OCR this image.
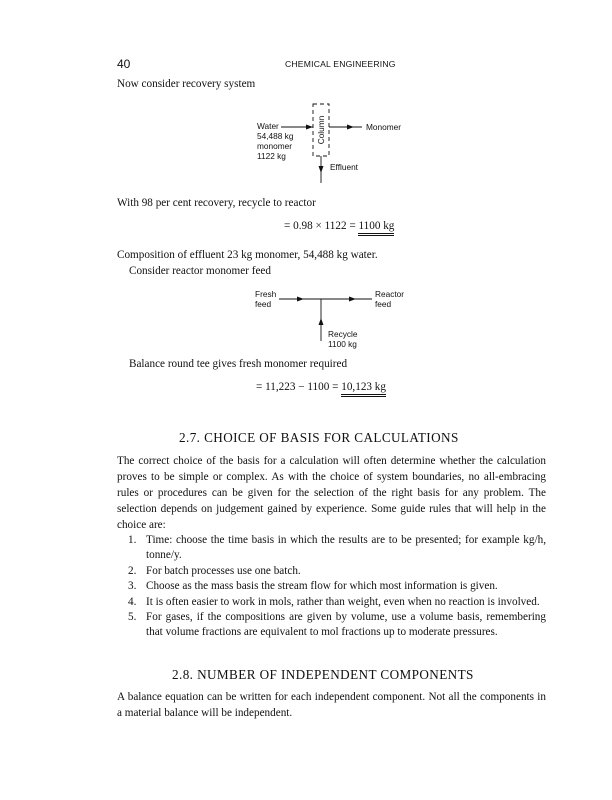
40	CHEMICAL ENGINEERING
Now consider recovery system
Water
54,488 kg
monomer
1122 kg
Column	Monomer
Effluent
With 98 per cent recovery, recycle to reactor
= 0.98 × 1122 = 1100 kg
Composition of effluent 23 kg monomer, 54,488 kg water.
Consider reactor monomer feed
Fresh
feed
Reactor
feed
Recycle
1100 kg
Balance round tee gives fresh monomer required
= 11,223 − 1100 = 10,123 kg
2.7. CHOICE OF BASIS FOR CALCULATIONS
The correct choice of the basis for a calculation will often determine whether the calculation proves to be simple or complex. As with the choice of system boundaries, no all-embracing rules or procedures can be given for the selection of the right basis for any problem. The selection depends on judgement gained by experience. Some guide rules that will help in the choice are:
1. Time: choose the time basis in which the results are to be presented; for example kg/h, tonne/y.
2. For batch processes use one batch.
3. Choose as the mass basis the stream flow for which most information is given.
4. It is often easier to work in mols, rather than weight, even when no reaction is involved.
5. For gases, if the compositions are given by volume, use a volume basis, remembering that volume fractions are equivalent to mol fractions up to moderate pressures.
2.8. NUMBER OF INDEPENDENT COMPONENTS
A balance equation can be written for each independent component. Not all the components in a material balance will be independent.
